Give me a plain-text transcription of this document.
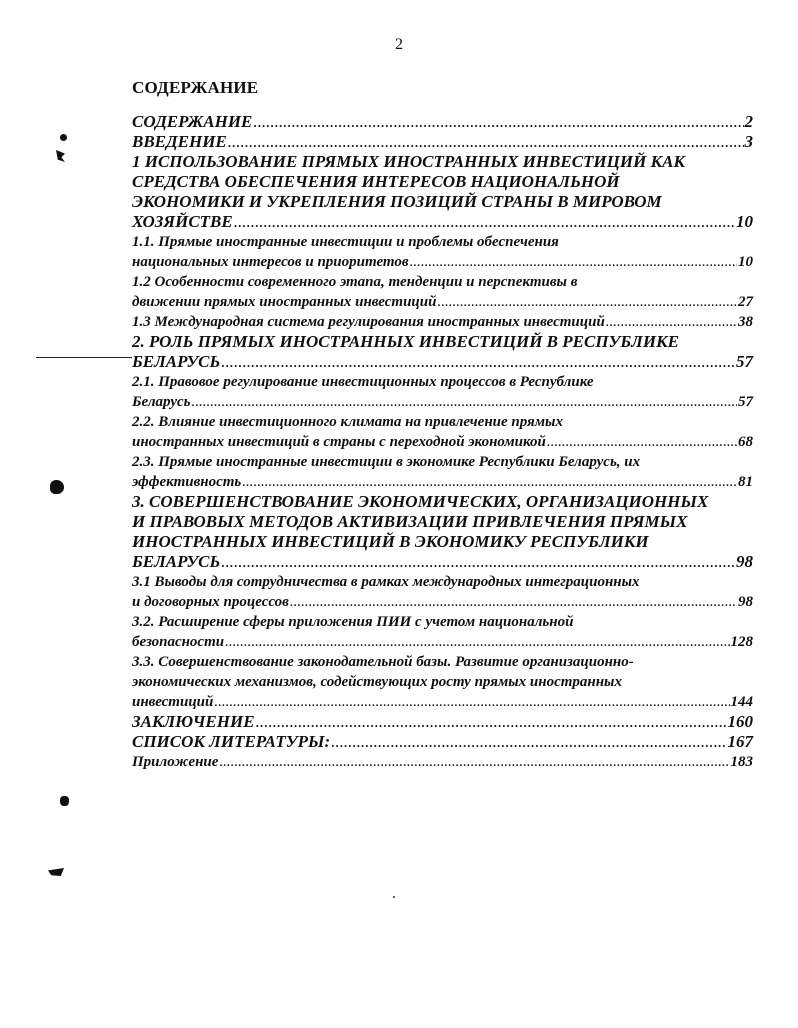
2
СОДЕРЖАНИЕ
СОДЕРЖАНИЕ .....	2
ВВЕДЕНИЕ .....	3
1 ИСПОЛЬЗОВАНИЕ ПРЯМЫХ ИНОСТРАННЫХ ИНВЕСТИЦИЙ КАК
СРЕДСТВА ОБЕСПЕЧЕНИЯ ИНТЕРЕСОВ НАЦИОНАЛЬНОЙ
ЭКОНОМИКИ И УКРЕПЛЕНИЯ ПОЗИЦИЙ СТРАНЫ В МИРОВОМ
ХОЗЯЙСТВЕ .....	10
1.1. Прямые иностранные инвестиции и проблемы обеспечения
национальных интересов и приоритетов .....	10
1.2 Особенности современного этапа, тенденции и перспективы в
движении прямых иностранных инвестиций .....	27
1.3 Международная система регулирования иностранных инвестиций .....	38
2. РОЛЬ ПРЯМЫХ ИНОСТРАННЫХ ИНВЕСТИЦИЙ В РЕСПУБЛИКЕ
БЕЛАРУСЬ .....	57
2.1. Правовое регулирование инвестиционных процессов в Республике
Беларусь .....	57
2.2. Влияние инвестиционного климата на привлечение прямых
иностранных инвестиций в страны с переходной экономикой .....	68
2.3. Прямые иностранные инвестиции в экономике Республики Беларусь, их
эффективность .....	81
3. СОВЕРШЕНСТВОВАНИЕ ЭКОНОМИЧЕСКИХ, ОРГАНИЗАЦИОННЫХ
И ПРАВОВЫХ МЕТОДОВ АКТИВИЗАЦИИ ПРИВЛЕЧЕНИЯ ПРЯМЫХ
ИНОСТРАННЫХ ИНВЕСТИЦИЙ В ЭКОНОМИКУ РЕСПУБЛИКИ
БЕЛАРУСЬ .....	98
3.1 Выводы для сотрудничества в рамках международных интеграционных
и договорных процессов .....	98
3.2. Расширение сферы приложения ПИИ с учетом национальной
безопасности .....	128
3.3. Совершенствование законодательной базы. Развитие организационно-
экономических механизмов, содействующих росту прямых иностранных
инвестиций .....	144
ЗАКЛЮЧЕНИЕ .....	160
СПИСОК ЛИТЕРАТУРЫ: .....	167
Приложение .....	183
